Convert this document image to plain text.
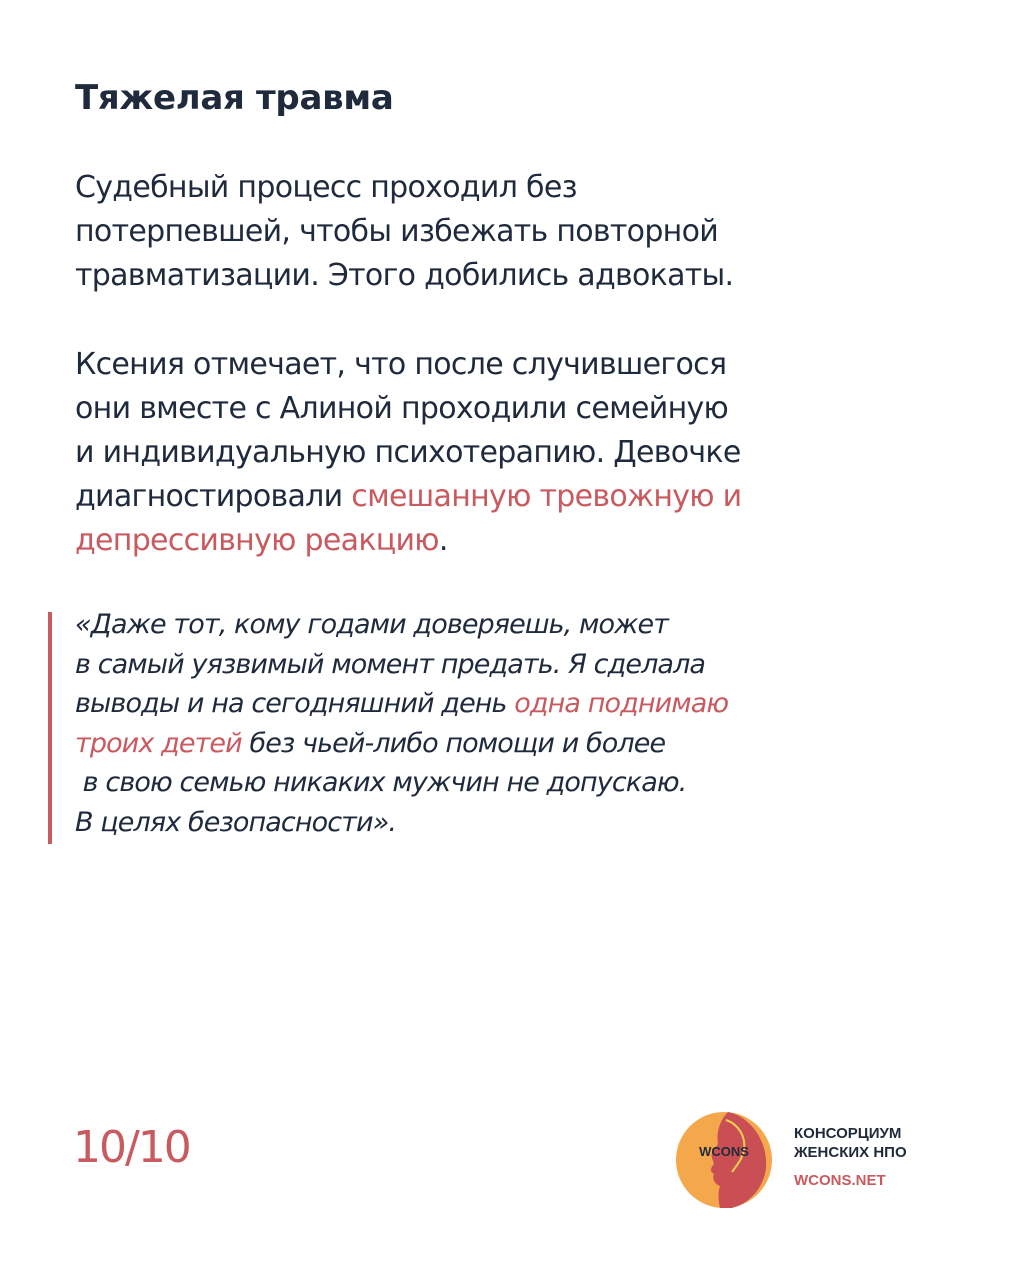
Тяжелая травма

Судебный процесс проходил без
потерпевшей, чтобы избежать повторной
травматизации. Этого добились адвокаты.

Ксения отмечает, что после случившегося
они вместе с Алиной проходили семейную
и индивидуальную психотерапию. Девочке
диагностировали смешанную тревожную и
депрессивную реакцию.

«Даже тот, кому годами доверяешь, может
в самый уязвимый момент предать. Я сделала
выводы и на сегодняшний день одна поднимаю
троих детей без чьей-либо помощи и более
в свою семью никаких мужчин не допускаю.
В целях безопасности».
10/10	WCONS
КОНСОРЦИУМ
ЖЕНСКИХ НПО
WCONS.NET
